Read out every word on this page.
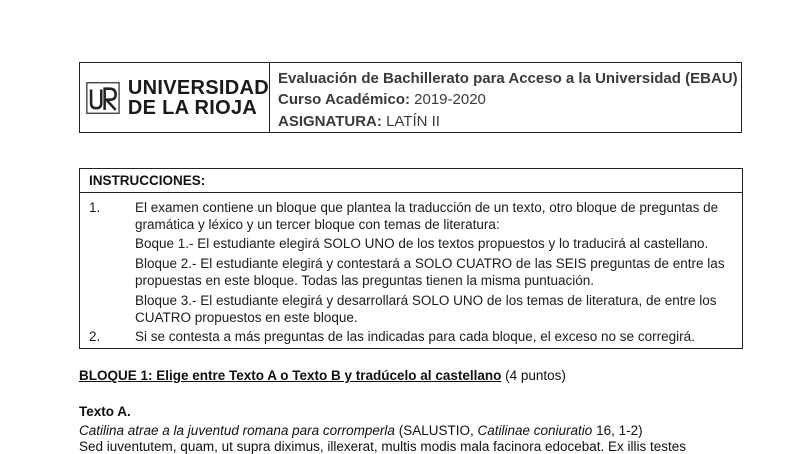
UNIVERSIDAD
DE LA RIOJA
Evaluación de Bachillerato para Acceso a la Universidad (EBAU)
Curso Académico: 2019-2020
ASIGNATURA: LATÍN II
INSTRUCCIONES:
1.	El examen contiene un bloque que plantea la traducción de un texto, otro bloque de preguntas de gramática y léxico y un tercer bloque con temas de literatura:
Boque 1.- El estudiante elegirá SOLO UNO de los textos propuestos y lo traducirá al castellano.
Bloque 2.- El estudiante elegirá y contestará a SOLO CUATRO de las SEIS preguntas de entre las propuestas en este bloque. Todas las preguntas tienen la misma puntuación.
Bloque 3.- El estudiante elegirá y desarrollará SOLO UNO de los temas de literatura, de entre los CUATRO propuestos en este bloque.
2.	Si se contesta a más preguntas de las indicadas para cada bloque, el exceso no se corregirá.
BLOQUE 1: Elige entre Texto A o Texto B y tradúcelo al castellano (4 puntos)
Texto A.
Catilina atrae a la juventud romana para corromperla (SALUSTIO, Catilinae coniuratio 16, 1-2)
Sed iuventutem, quam, ut supra diximus, illexerat, multis modis mala facinora edocebat. Ex illis testes
